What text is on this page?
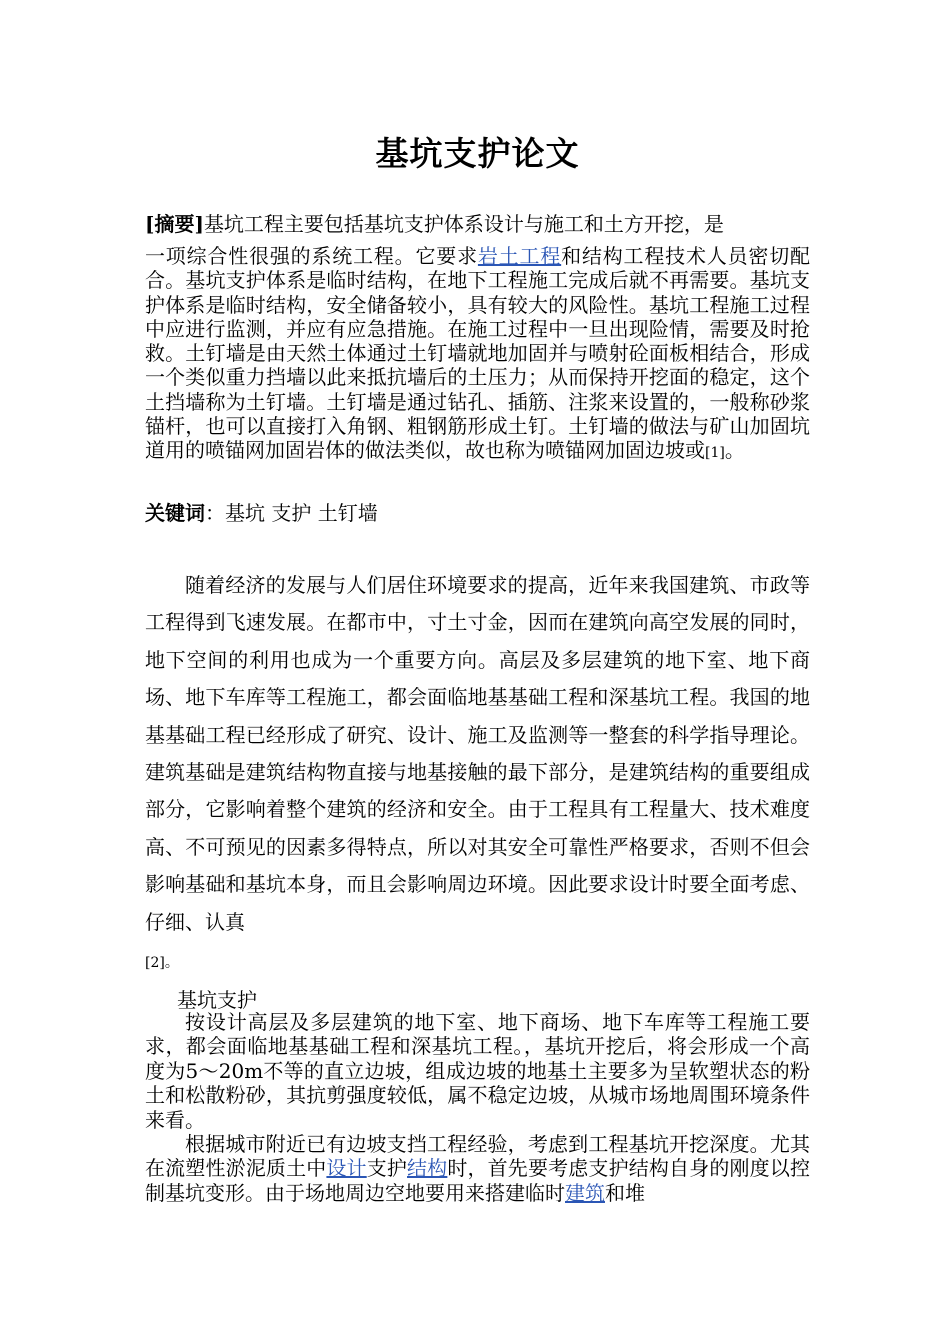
基坑支护论文

[摘要]基坑工程主要包括基坑支护体系设计与施工和土方开挖，是
一项综合性很强的系统工程。它要求岩土工程和结构工程技术人员密切配合。基坑支护体系是临时结构，在地下工程施工完成后就不再需要。基坑支护体系是临时结构，安全储备较小，具有较大的风险性。基坑工程施工过程中应进行监测，并应有应急措施。在施工过程中一旦出现险情，需要及时抢救。土钉墙是由天然土体通过土钉墙就地加固并与喷射砼面板相结合，形成一个类似重力挡墙以此来抵抗墙后的土压力；从而保持开挖面的稳定，这个土挡墙称为土钉墙。土钉墙是通过钻孔、插筋、注浆来设置的，一般称砂浆锚杆，也可以直接打入角钢、粗钢筋形成土钉。土钉墙的做法与矿山加固坑道用的喷锚网加固岩体的做法类似，故也称为喷锚网加固边坡或[1]。

关键词：基坑 支护 土钉墙

随着经济的发展与人们居住环境要求的提高，近年来我国建筑、市政等工程得到飞速发展。在都市中，寸土寸金，因而在建筑向高空发展的同时，地下空间的利用也成为一个重要方向。高层及多层建筑的地下室、地下商场、地下车库等工程施工，都会面临地基基础工程和深基坑工程。我国的地基基础工程已经形成了研究、设计、施工及监测等一整套的科学指导理论。建筑基础是建筑结构物直接与地基接触的最下部分，是建筑结构的重要组成部分，它影响着整个建筑的经济和安全。由于工程具有工程量大、技术难度高、不可预见的因素多得特点，所以对其安全可靠性严格要求，否则不但会影响基础和基坑本身，而且会影响周边环境。因此要求设计时要全面考虑、仔细、认真

[2]。

基坑支护

按设计高层及多层建筑的地下室、地下商场、地下车库等工程施工要求，都会面临地基基础工程和深基坑工程。，基坑开挖后，将会形成一个高度为5～20m不等的直立边坡，组成边坡的地基土主要多为呈软塑状态的粉土和松散粉砂，其抗剪强度较低，属不稳定边坡，从城市场地周围环境条件来看。

根据城市附近已有边坡支挡工程经验，考虑到工程基坑开挖深度。尤其在流塑性淤泥质土中设计支护结构时，首先要考虑支护结构自身的刚度以控制基坑变形。由于场地周边空地要用来搭建临时建筑和堆
